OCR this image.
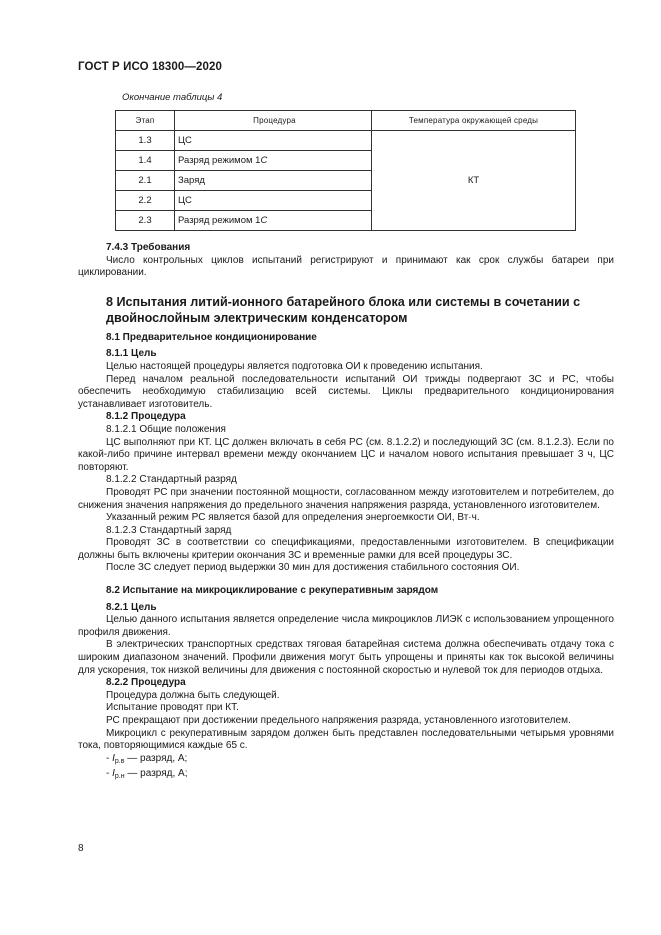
ГОСТ Р ИСО 18300—2020
Окончание таблицы 4
Этап	Процедура	Температура окружающей среды
1.3	ЦС	КТ
1.4	Разряд режимом 1C	
2.1	Заряд	
2.2	ЦС	
2.3	Разряд режимом 1C	

7.4.3 Требования

Число контрольных циклов испытаний регистрируют и принимают как срок службы батареи при циклировании.

8 Испытания литий-ионного батарейного блока или системы в сочетании с двойнослойным электрическим конденсатором

8.1 Предварительное кондиционирование

8.1.1 Цель

Целью настоящей процедуры является подготовка ОИ к проведению испытания.

Перед началом реальной последовательности испытаний ОИ трижды подвергают ЗС и РС, чтобы обеспечить необходимую стабилизацию всей системы. Циклы предварительного кондиционирования устанавливает изготовитель.

8.1.2 Процедура

8.1.2.1 Общие положения

ЦС выполняют при КТ. ЦС должен включать в себя РС (см. 8.1.2.2) и последующий ЗС (см. 8.1.2.3). Если по какой-либо причине интервал времени между окончанием ЦС и началом нового испытания превышает 3 ч, ЦС повторяют.

8.1.2.2 Стандартный разряд

Проводят РС при значении постоянной мощности, согласованном между изготовителем и потребителем, до снижения значения напряжения до предельного значения напряжения разряда, установленного изготовителем.

Указанный режим РС является базой для определения энергоемкости ОИ, Вт·ч.

8.1.2.3 Стандартный заряд

Проводят ЗС в соответствии со спецификациями, предоставленными изготовителем. В спецификации должны быть включены критерии окончания ЗС и временные рамки для всей процедуры ЗС.

После ЗС следует период выдержки 30 мин для достижения стабильного состояния ОИ.

8.2 Испытание на микроциклирование с рекуперативным зарядом

8.2.1 Цель

Целью данного испытания является определение числа микроциклов ЛИЭК с использованием упрощенного профиля движения.

В электрических транспортных средствах тяговая батарейная система должна обеспечивать отдачу тока с широким диапазоном значений. Профили движения могут быть упрощены и приняты как ток высокой величины для ускорения, ток низкой величины для движения с постоянной скоростью и нулевой ток для периодов отдыха.

8.2.2 Процедура

Процедура должна быть следующей.

Испытание проводят при КТ.

РС прекращают при достижении предельного напряжения разряда, установленного изготовителем.

Микроцикл с рекуперативным зарядом должен быть представлен последовательными четырьмя уровнями тока, повторяющимися каждые 65 с.

- $I_{р.в}$ — разряд, А;

- $I_{р.н}$ — разряд, А;

8
